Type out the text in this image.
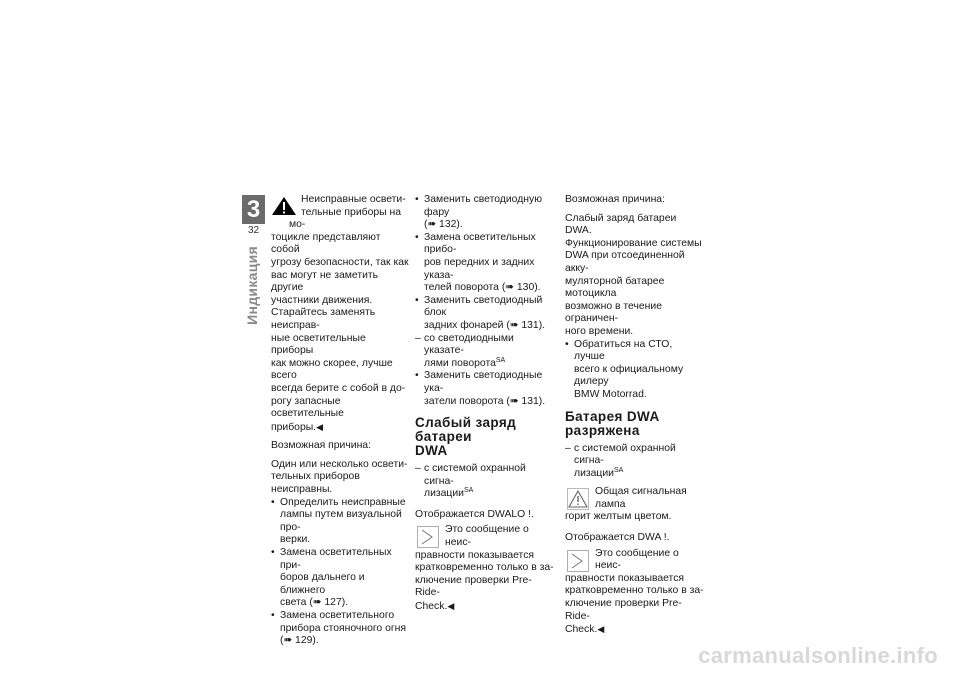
3
32
Индикация
Неисправные освети-
тельные приборы на мо-

тоцикле представляют собой
угрозу безопасности, так как
вас могут не заметить другие
участники движения.
Старайтесь заменять неисправ-
ные осветительные приборы
как можно скорее, лучше всего
всегда берите с собой в до-
рогу запасные осветительные
приборы.◀

Возможная причина:

Один или несколько освети-
тельных приборов неисправны.

• Определить неисправные
лампы путем визуальной про-
верки.
• Замена осветительных при-
боров дальнего и ближнего
света (➠ 127).
• Замена осветительного
прибора стояночного огня
(➠ 129).
• Заменить светодиодную фару
(➠ 132).
• Замена осветительных прибо-
ров передних и задних указа-
телей поворота (➠ 130).
• Заменить светодиодный блок
задних фонарей (➠ 131).
– со светодиодными указате-
лями поворота$^{SA}$
• Заменить светодиодные ука-
затели поворота (➠ 131).
Слабый заряд батареи
DWA
– с системой охранной сигна-
лизации$^{SA}$

Отображается DWALO !.

Это сообщение о неис-
правности показывается

кратковременно только в за-
ключение проверки Pre-Ride-
Check.◀

Возможная причина:

Слабый заряд батареи DWA.
Функционирование системы
DWA при отсоединенной акку-
муляторной батарее мотоцикла
возможно в течение ограничен-
ного времени.

• Обратиться на СТО, лучше
всего к официальному дилеру
BMW Motorrad.
Батарея DWA разряжена
– с системой охранной сигна-
лизации$^{SA}$
Общая сигнальная лампа
горит желтым цветом.

Отображается DWA !.

Это сообщение о неис-
правности показывается

кратковременно только в за-
ключение проверки Pre-Ride-
Check.◀

carmanualsonline.info
